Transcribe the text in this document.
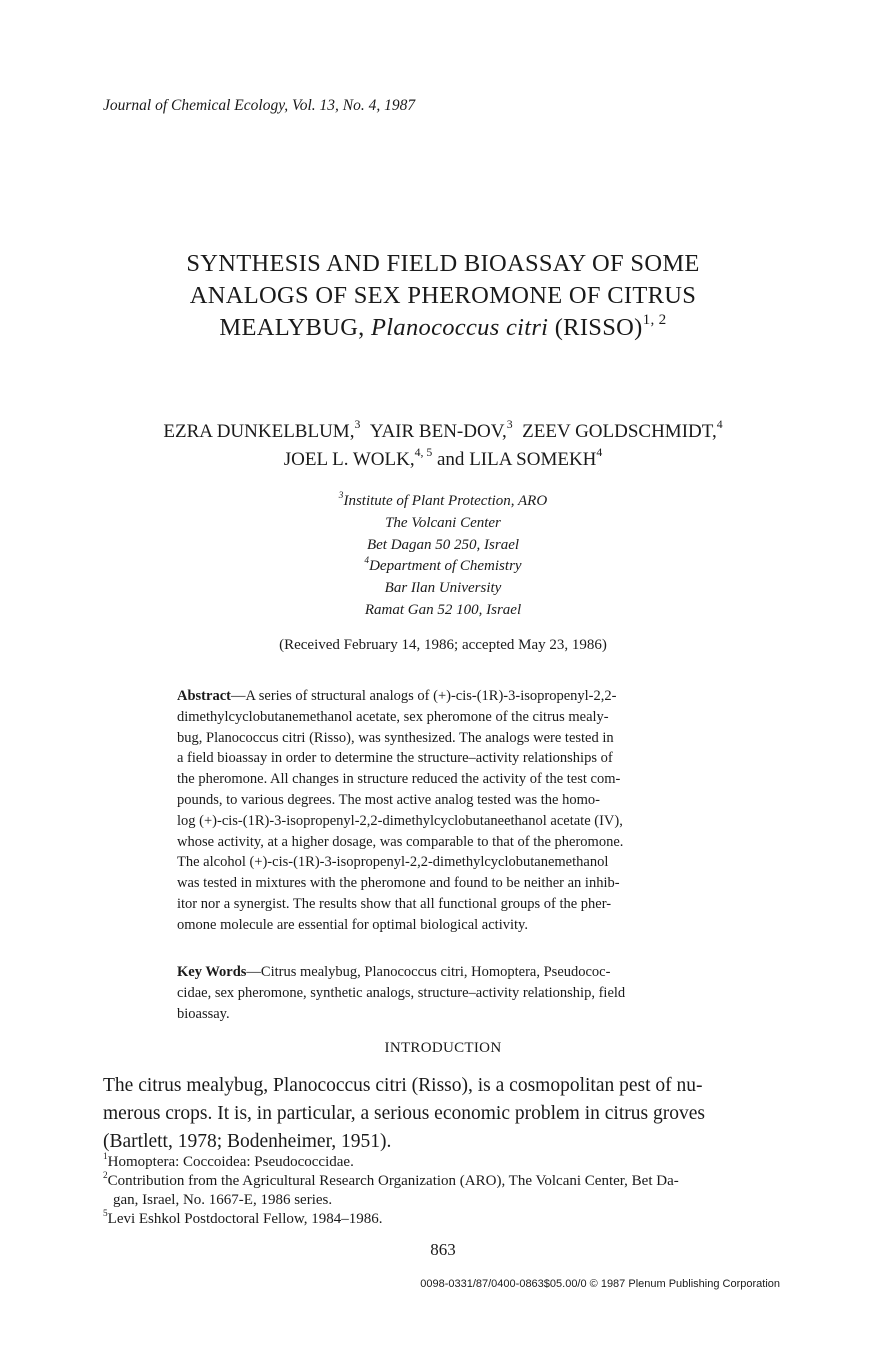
Journal of Chemical Ecology, Vol. 13, No. 4, 1987
SYNTHESIS AND FIELD BIOASSAY OF SOME
ANALOGS OF SEX PHEROMONE OF CITRUS
MEALYBUG, Planococcus citri (RISSO)$^{1, 2}$
EZRA DUNKELBLUM,$^3$ YAIR BEN-DOV,$^3$ ZEEV GOLDSCHMIDT,$^4$
JOEL L. WOLK,$^{4, 5}$ and LILA SOMEKH$^4$
$^3$Institute of Plant Protection, ARO
The Volcani Center
Bet Dagan 50 250, Israel
$^4$Department of Chemistry
Bar Ilan University
Ramat Gan 52 100, Israel
(Received February 14, 1986; accepted May 23, 1986)
Abstract—A series of structural analogs of (+)-cis-(1R)-3-isopropenyl-2,2-
dimethylcyclobutanemethanol acetate, sex pheromone of the citrus mealy-
bug, Planococcus citri (Risso), was synthesized. The analogs were tested in
a field bioassay in order to determine the structure–activity relationships of
the pheromone. All changes in structure reduced the activity of the test com-
pounds, to various degrees. The most active analog tested was the homo-
log (+)-cis-(1R)-3-isopropenyl-2,2-dimethylcyclobutaneethanol acetate (IV),
whose activity, at a higher dosage, was comparable to that of the pheromone.
The alcohol (+)-cis-(1R)-3-isopropenyl-2,2-dimethylcyclobutanemethanol
was tested in mixtures with the pheromone and found to be neither an inhib-
itor nor a synergist. The results show that all functional groups of the pher-
omone molecule are essential for optimal biological activity.
Key Words—Citrus mealybug, Planococcus citri, Homoptera, Pseudococ-
cidae, sex pheromone, synthetic analogs, structure–activity relationship, field
bioassay.
INTRODUCTION
The citrus mealybug, Planococcus citri (Risso), is a cosmopolitan pest of nu-
merous crops. It is, in particular, a serious economic problem in citrus groves
(Bartlett, 1978; Bodenheimer, 1951).
$^1$Homoptera: Coccoidea: Pseudococcidae.
$^2$Contribution from the Agricultural Research Organization (ARO), The Volcani Center, Bet Da-
gan, Israel, No. 1667-E, 1986 series.
$^5$Levi Eshkol Postdoctoral Fellow, 1984–1986.
863
0098-0331/87/0400-0863$05.00/0 © 1987 Plenum Publishing Corporation
